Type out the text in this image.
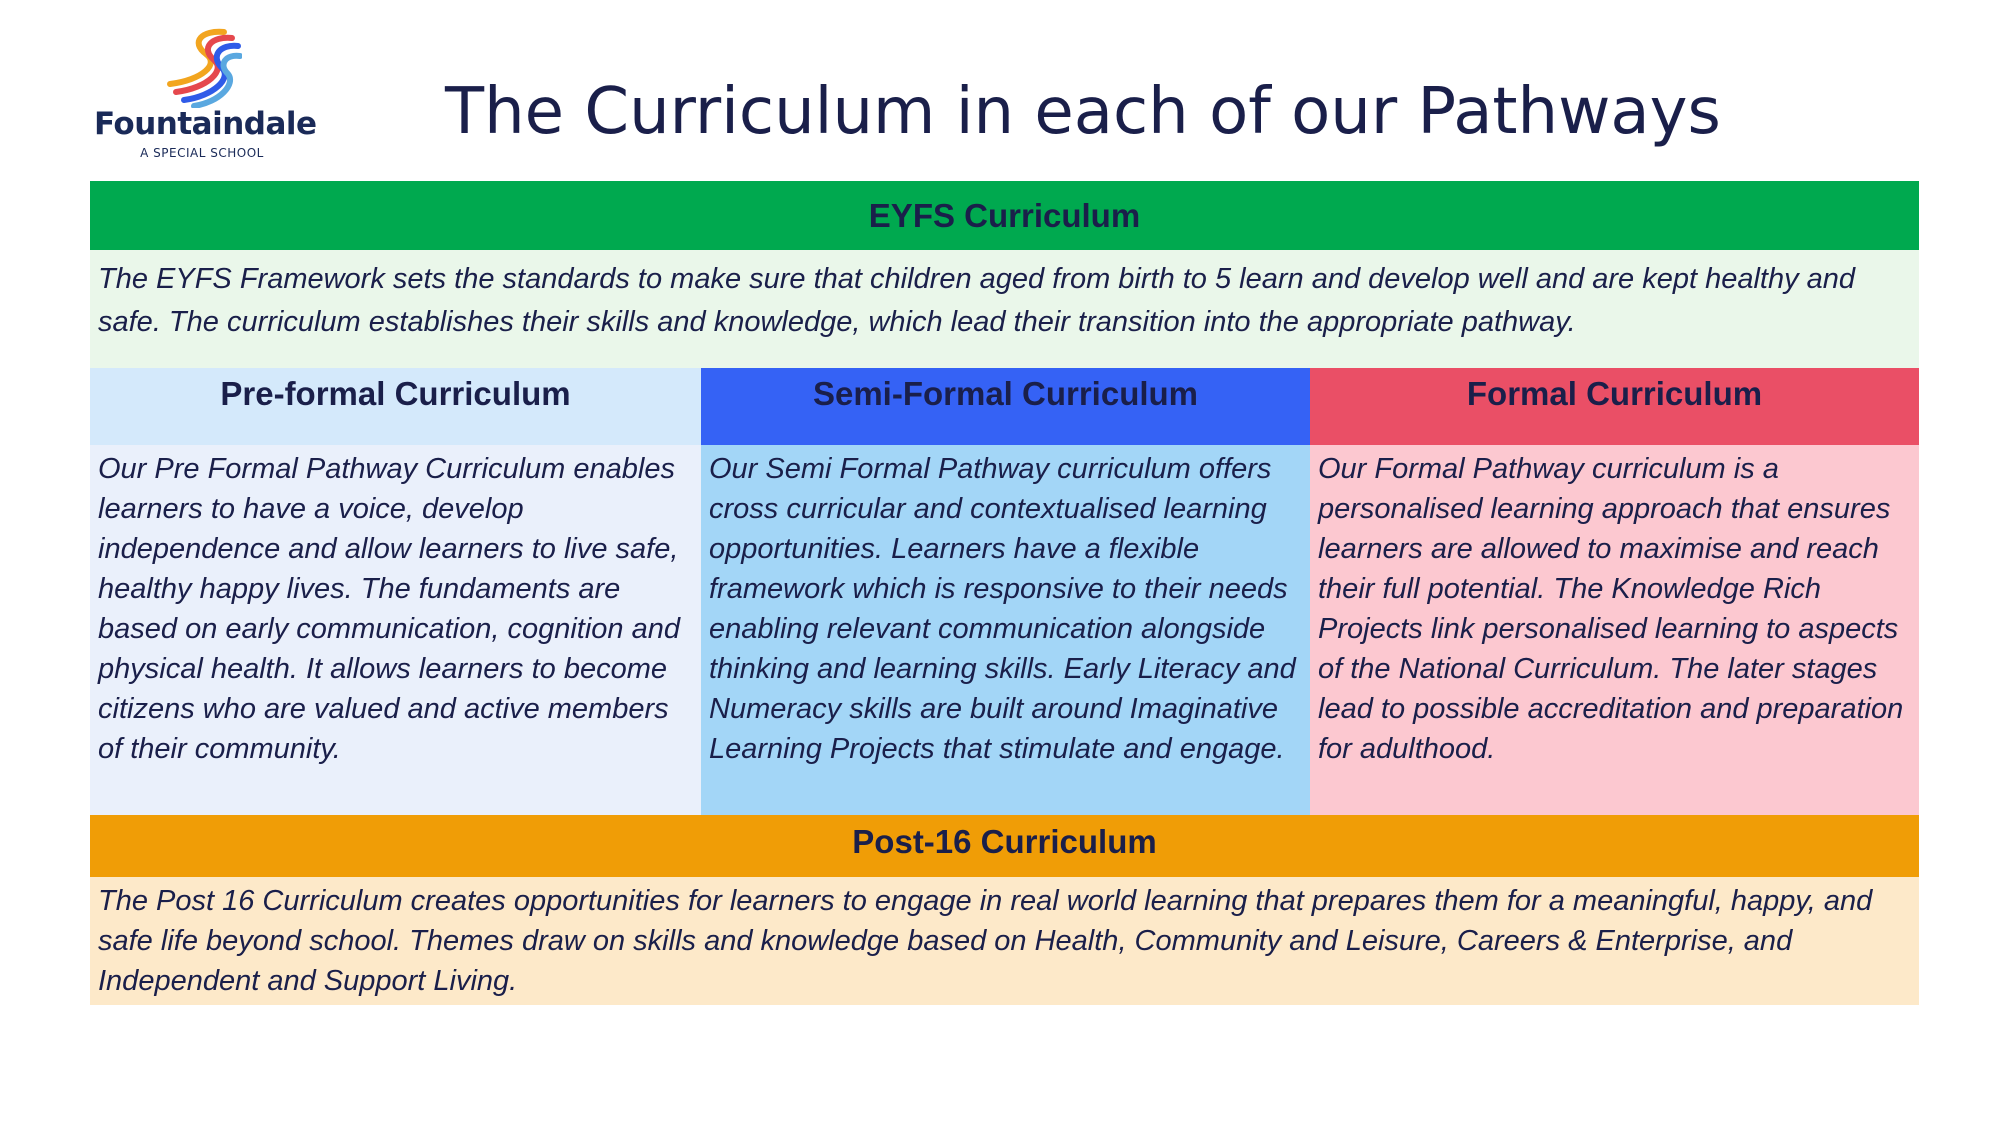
Fountaindale
A SPECIAL SCHOOL
The Curriculum in each of our Pathways
EYFS Curriculum
The EYFS Framework sets the standards to make sure that children aged from birth to 5 learn and develop well and are kept healthy and safe. The curriculum establishes their skills and knowledge, which lead their transition into the appropriate pathway.
Pre-formal Curriculum	Semi-Formal Curriculum	Formal Curriculum
Our Pre Formal Pathway Curriculum enables learners to have a voice, develop independence and allow learners to live safe, healthy happy lives. The fundaments are based on early communication, cognition and physical health. It allows learners to become citizens who are valued and active members of their community.
Our Semi Formal Pathway curriculum offers cross curricular and contextualised learning opportunities. Learners have a flexible framework which is responsive to their needs enabling relevant communication alongside thinking and learning skills. Early Literacy and Numeracy skills are built around Imaginative Learning Projects that stimulate and engage.
Our Formal Pathway curriculum is a personalised learning approach that ensures learners are allowed to maximise and reach their full potential. The Knowledge Rich Projects link personalised learning to aspects of the National Curriculum. The later stages lead to possible accreditation and preparation for adulthood.
Post-16 Curriculum
The Post 16 Curriculum creates opportunities for learners to engage in real world learning that prepares them for a meaningful, happy, and safe life beyond school. Themes draw on skills and knowledge based on Health, Community and Leisure, Careers & Enterprise, and Independent and Support Living.
